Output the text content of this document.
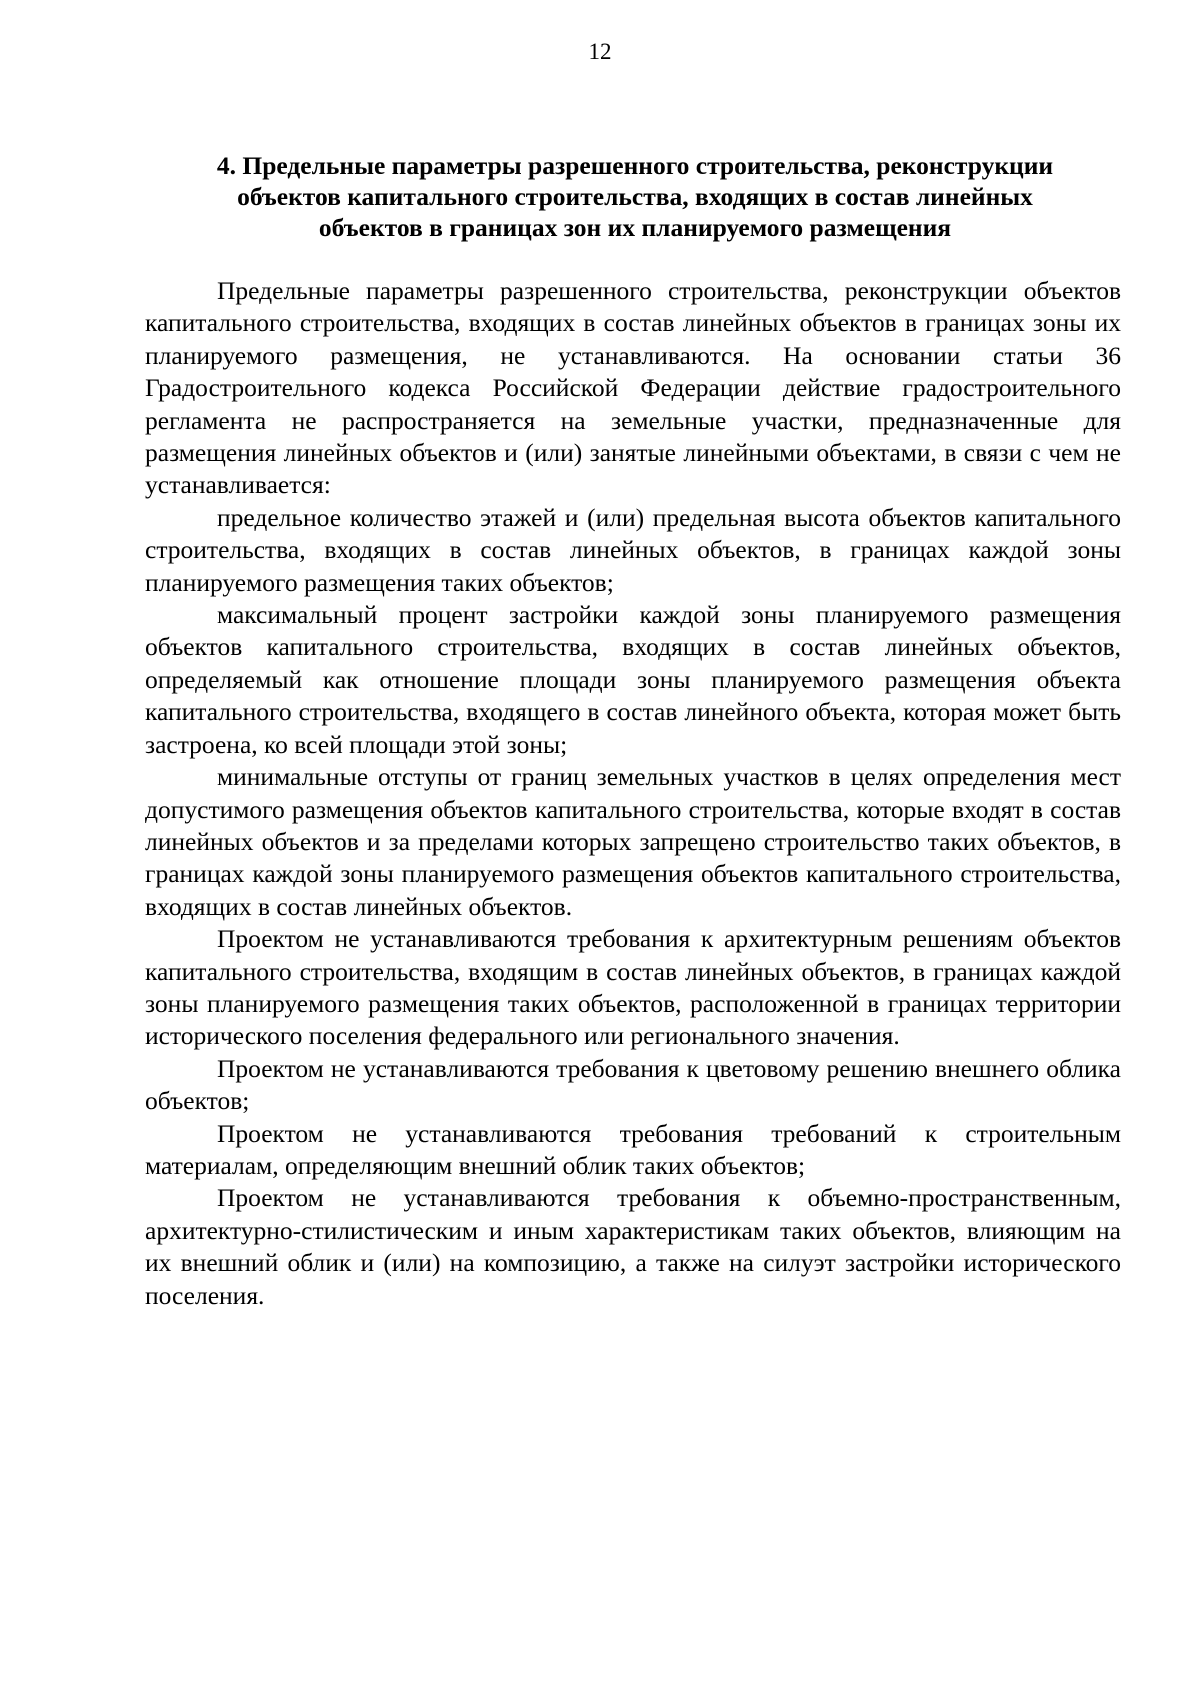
12
4. Предельные параметры разрешенного строительства, реконструкции
объектов капитального строительства, входящих в состав линейных
объектов в границах зон их планируемого размещения

Предельные параметры разрешенного строительства, реконструкции объектов капитального строительства, входящих в состав линейных объектов в границах зоны их планируемого размещения, не устанавливаются. На основании статьи 36 Градостроительного кодекса Российской Федерации действие градостроительного регламента не распространяется на земельные участки, предназначенные для размещения линейных объектов и (или) занятые линейными объектами, в связи с чем не устанавливается:

предельное количество этажей и (или) предельная высота объектов капитального строительства, входящих в состав линейных объектов, в границах каждой зоны планируемого размещения таких объектов;

максимальный процент застройки каждой зоны планируемого размещения объектов капитального строительства, входящих в состав линейных объектов, определяемый как отношение площади зоны планируемого размещения объекта капитального строительства, входящего в состав линейного объекта, которая может быть застроена, ко всей площади этой зоны;

минимальные отступы от границ земельных участков в целях определения мест допустимого размещения объектов капитального строительства, которые входят в состав линейных объектов и за пределами которых запрещено строительство таких объектов, в границах каждой зоны планируемого размещения объектов капитального строительства, входящих в состав линейных объектов.

Проектом не устанавливаются требования к архитектурным решениям объектов капитального строительства, входящим в состав линейных объектов, в границах каждой зоны планируемого размещения таких объектов, расположенной в границах территории исторического поселения федерального или регионального значения.

Проектом не устанавливаются требования к цветовому решению внешнего облика объектов;

Проектом не устанавливаются требования требований к строительным материалам, определяющим внешний облик таких объектов;

Проектом не устанавливаются требования к объемно-пространственным, архитектурно-стилистическим и иным характеристикам таких объектов, влияющим на их внешний облик и (или) на композицию, а также на силуэт застройки исторического поселения.
